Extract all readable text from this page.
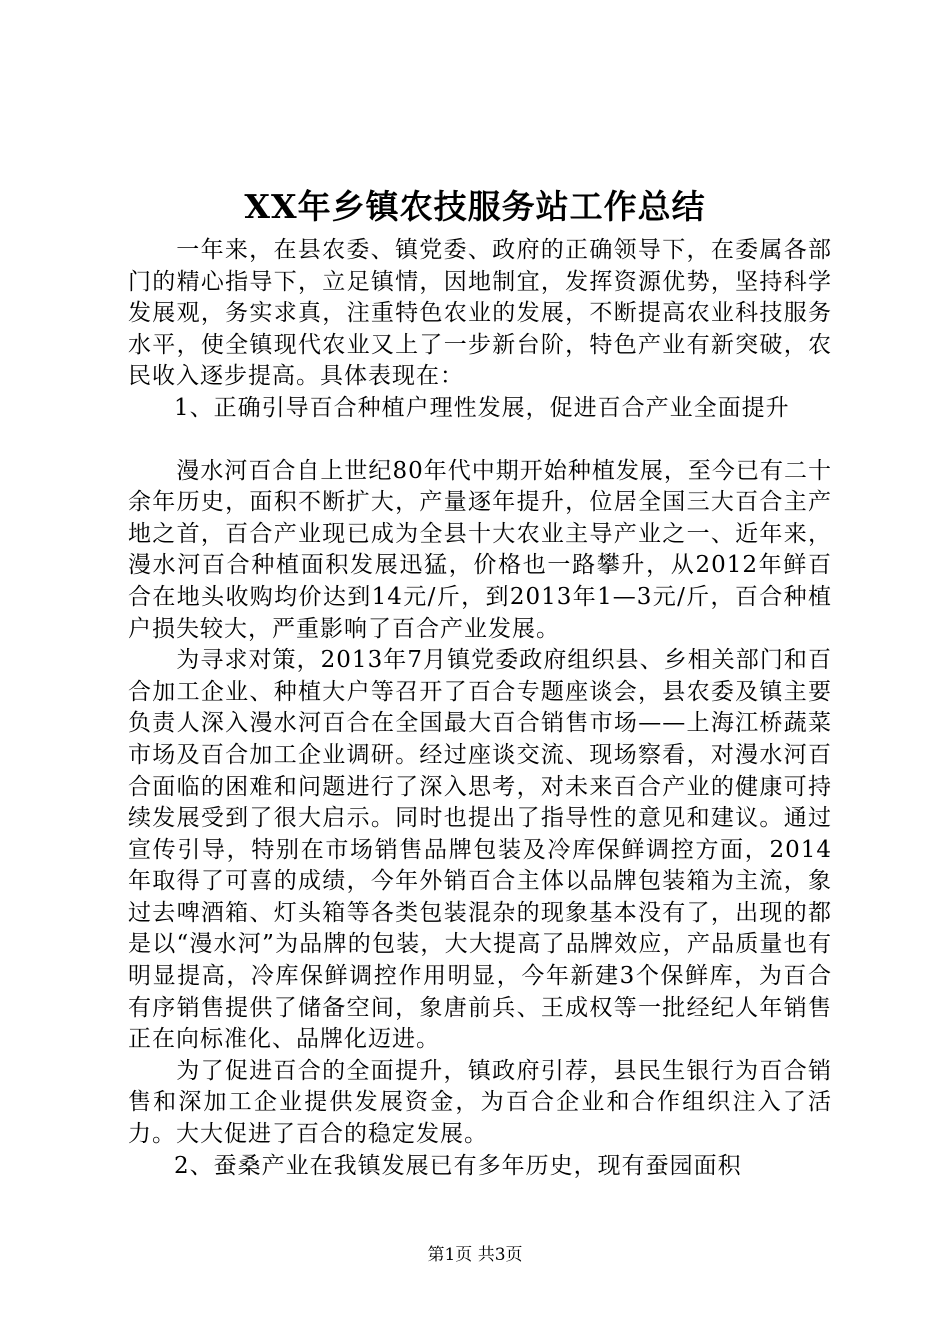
XX年乡镇农技服务站工作总结

一年来，在县农委、镇党委、政府的正确领导下，在委属各部门的精心指导下，立足镇情，因地制宜，发挥资源优势，坚持科学发展观，务实求真，注重特色农业的发展，不断提高农业科技服务水平，使全镇现代农业又上了一步新台阶，特色产业有新突破，农民收入逐步提高。具体表现在：

1、正确引导百合种植户理性发展，促进百合产业全面提升

漫水河百合自上世纪80年代中期开始种植发展，至今已有二十余年历史，面积不断扩大，产量逐年提升，位居全国三大百合主产地之首，百合产业现已成为全县十大农业主导产业之一、近年来，漫水河百合种植面积发展迅猛，价格也一路攀升，从2012年鲜百合在地头收购均价达到14元/斤，到2013年1—3元/斤，百合种植户损失较大，严重影响了百合产业发展。

为寻求对策，2013年7月镇党委政府组织县、乡相关部门和百合加工企业、种植大户等召开了百合专题座谈会，县农委及镇主要负责人深入漫水河百合在全国最大百合销售市场——上海江桥蔬菜市场及百合加工企业调研。经过座谈交流、现场察看，对漫水河百合面临的困难和问题进行了深入思考，对未来百合产业的健康可持续发展受到了很大启示。同时也提出了指导性的意见和建议。通过宣传引导，特别在市场销售品牌包装及冷库保鲜调控方面，2014年取得了可喜的成绩，今年外销百合主体以品牌包装箱为主流，象过去啤酒箱、灯头箱等各类包装混杂的现象基本没有了，出现的都是以“漫水河”为品牌的包装，大大提高了品牌效应，产品质量也有明显提高，冷库保鲜调控作用明显，今年新建3个保鲜库，为百合有序销售提供了储备空间，象唐前兵、王成权等一批经纪人年销售正在向标准化、品牌化迈进。

为了促进百合的全面提升，镇政府引荐，县民生银行为百合销售和深加工企业提供发展资金，为百合企业和合作组织注入了活力。大大促进了百合的稳定发展。

2、蚕桑产业在我镇发展已有多年历史，现有蚕园面积

第1页 共3页
